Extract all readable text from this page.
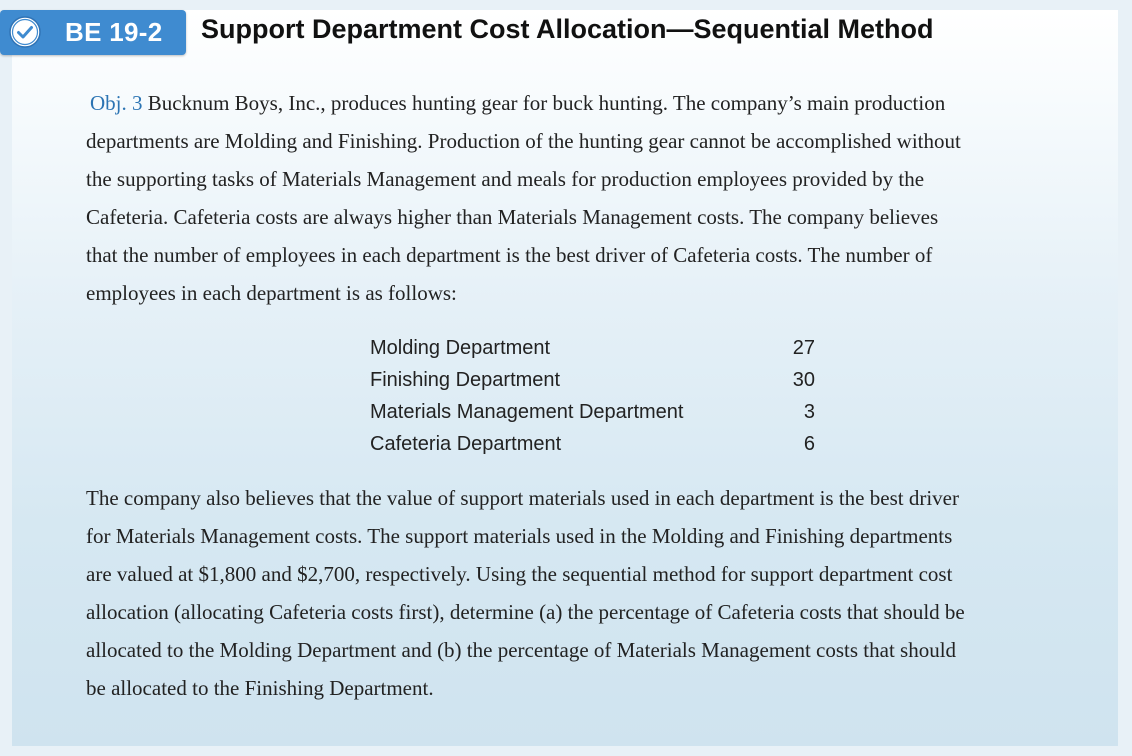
BE 19-2 Support Department Cost Allocation—Sequential Method
Obj. 3 Bucknum Boys, Inc., produces hunting gear for buck hunting. The company’s main production
departments are Molding and Finishing. Production of the hunting gear cannot be accomplished without
the supporting tasks of Materials Management and meals for production employees provided by the
Cafeteria. Cafeteria costs are always higher than Materials Management costs. The company believes
that the number of employees in each department is the best driver of Cafeteria costs. The number of
employees in each department is as follows:
Molding Department	27
Finishing Department	30
Materials Management Department	3
Cafeteria Department	6
The company also believes that the value of support materials used in each department is the best driver
for Materials Management costs. The support materials used in the Molding and Finishing departments
are valued at $1,800 and $2,700, respectively. Using the sequential method for support department cost
allocation (allocating Cafeteria costs first), determine (a) the percentage of Cafeteria costs that should be
allocated to the Molding Department and (b) the percentage of Materials Management costs that should
be allocated to the Finishing Department.
